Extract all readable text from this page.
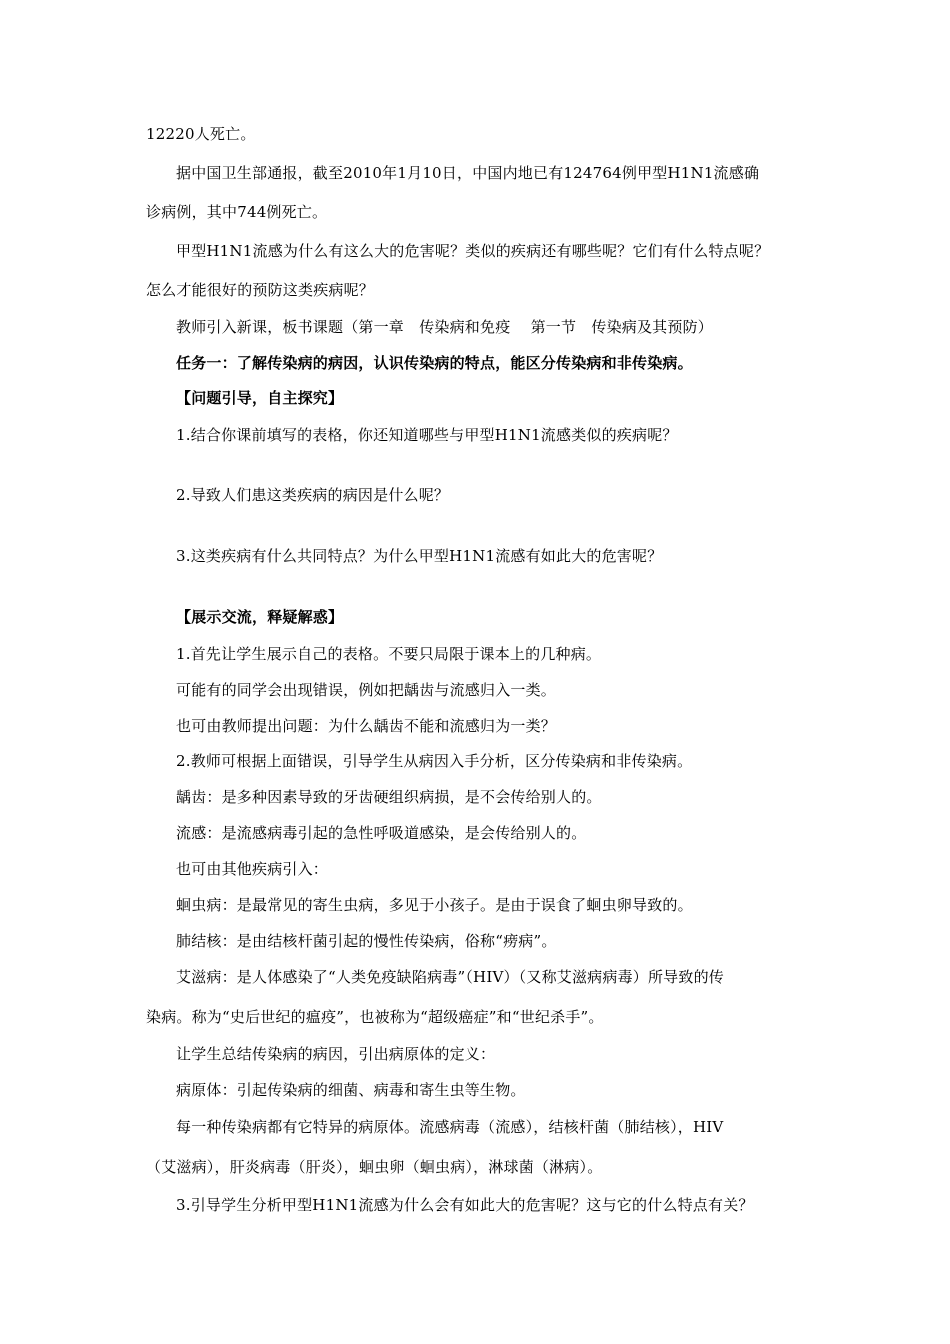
12220人死亡。
据中国卫生部通报，截至2010年1月10日，中国内地已有124764例甲型H1N1流感确
诊病例，其中744例死亡。
甲型H1N1流感为什么有这么大的危害呢？类似的疾病还有哪些呢？它们有什么特点呢？
怎么才能很好的预防这类疾病呢？
教师引入新课，板书课题（第一章　传染病和免疫　 第一节　传染病及其预防）
任务一：了解传染病的病因，认识传染病的特点，能区分传染病和非传染病。
【问题引导，自主探究】
1.结合你课前填写的表格，你还知道哪些与甲型H1N1流感类似的疾病呢？
2.导致人们患这类疾病的病因是什么呢？
3.这类疾病有什么共同特点？为什么甲型H1N1流感有如此大的危害呢？
【展示交流，释疑解惑】
1.首先让学生展示自己的表格。不要只局限于课本上的几种病。
可能有的同学会出现错误，例如把龋齿与流感归入一类。
也可由教师提出问题：为什么龋齿不能和流感归为一类？
2.教师可根据上面错误，引导学生从病因入手分析，区分传染病和非传染病。
龋齿：是多种因素导致的牙齿硬组织病损，是不会传给别人的。
流感：是流感病毒引起的急性呼吸道感染，是会传给别人的。
也可由其他疾病引入：
蛔虫病：是最常见的寄生虫病，多见于小孩子。是由于误食了蛔虫卵导致的。
肺结核：是由结核杆菌引起的慢性传染病，俗称“痨病”。
艾滋病：是人体感染了“人类免疫缺陷病毒”（HIV）（又称艾滋病病毒）所导致的传
染病。称为“史后世纪的瘟疫”，也被称为“超级癌症”和“世纪杀手”。
让学生总结传染病的病因，引出病原体的定义：
病原体：引起传染病的细菌、病毒和寄生虫等生物。
每一种传染病都有它特异的病原体。流感病毒（流感），结核杆菌（肺结核），HIV
（艾滋病），肝炎病毒（肝炎），蛔虫卵（蛔虫病），淋球菌（淋病）。
3.引导学生分析甲型H1N1流感为什么会有如此大的危害呢？这与它的什么特点有关？
